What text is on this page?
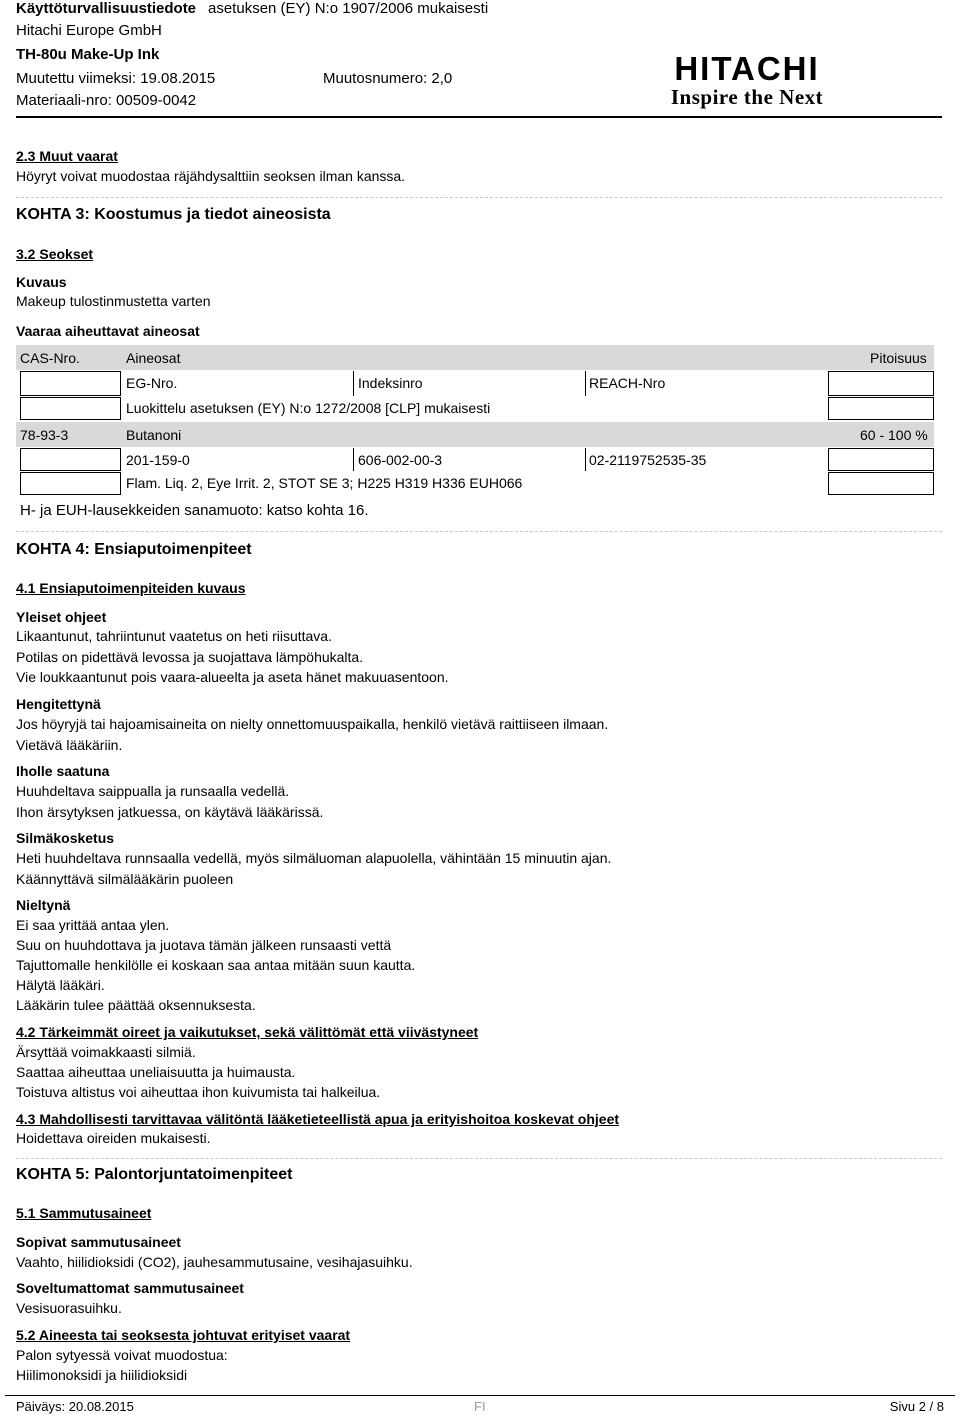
Käyttöturvallisuustiedote asetuksen (EY) N:o 1907/2006 mukaisesti
Hitachi Europe GmbH
TH-80u Make-Up Ink
Muutettu viimeksi: 19.08.2015	Muutosnumero: 2,0
Materiaali-nro: 00509-0042
HITACHI
Inspire the Next
2.3 Muut vaarat
Höyryt voivat muodostaa räjähdysalttiin seoksen ilman kanssa.
KOHTA 3: Koostumus ja tiedot aineosista
3.2 Seokset
Kuvaus
Makeup tulostinmustetta varten
Vaaraa aiheuttavat aineosat
CAS-Nro.	Aineosat	Pitoisuus
EG-Nro.	Indeksinro	REACH-Nro
Luokittelu asetuksen (EY) N:o 1272/2008 [CLP] mukaisesti
78-93-3	Butanoni	60 - 100 %
201-159-0	606-002-00-3	02-2119752535-35
Flam. Liq. 2, Eye Irrit. 2, STOT SE 3; H225 H319 H336 EUH066
H- ja EUH-lausekkeiden sanamuoto: katso kohta 16.
KOHTA 4: Ensiaputoimenpiteet
4.1 Ensiaputoimenpiteiden kuvaus
Yleiset ohjeet
Likaantunut, tahriintunut vaatetus on heti riisuttava.
Potilas on pidettävä levossa ja suojattava lämpöhukalta.
Vie loukkaantunut pois vaara-alueelta ja aseta hänet makuuasentoon.
Hengitettynä
Jos höyryjä tai hajoamisaineita on nielty onnettomuuspaikalla, henkilö vietävä raittiiseen ilmaan.
Vietävä lääkäriin.
Iholle saatuna
Huuhdeltava saippualla ja runsaalla vedellä.
Ihon ärsytyksen jatkuessa, on käytävä lääkärissä.
Silmäkosketus
Heti huuhdeltava runnsaalla vedellä, myös silmäluoman alapuolella, vähintään 15 minuutin ajan.
Käännyttävä silmälääkärin puoleen
Nieltynä
Ei saa yrittää antaa ylen.
Suu on huuhdottava ja juotava tämän jälkeen runsaasti vettä
Tajuttomalle henkilölle ei koskaan saa antaa mitään suun kautta.
Hälytä lääkäri.
Lääkärin tulee päättää oksennuksesta.
4.2 Tärkeimmät oireet ja vaikutukset, sekä välittömät että viivästyneet
Ärsyttää voimakkaasti silmiä.
Saattaa aiheuttaa uneliaisuutta ja huimausta.
Toistuva altistus voi aiheuttaa ihon kuivumista tai halkeilua.
4.3 Mahdollisesti tarvittavaa välitöntä lääketieteellistä apua ja erityishoitoa koskevat ohjeet
Hoidettava oireiden mukaisesti.
KOHTA 5: Palontorjuntatoimenpiteet
5.1 Sammutusaineet
Sopivat sammutusaineet
Vaahto, hiilidioksidi (CO2), jauhesammutusaine, vesihajasuihku.
Soveltumattomat sammutusaineet
Vesisuorasuihku.
5.2 Aineesta tai seoksesta johtuvat erityiset vaarat
Palon sytyessä voivat muodostua:
Hiilimonoksidi ja hiilidioksidi
Päiväys: 20.08.2015	FI	Sivu 2 / 8
